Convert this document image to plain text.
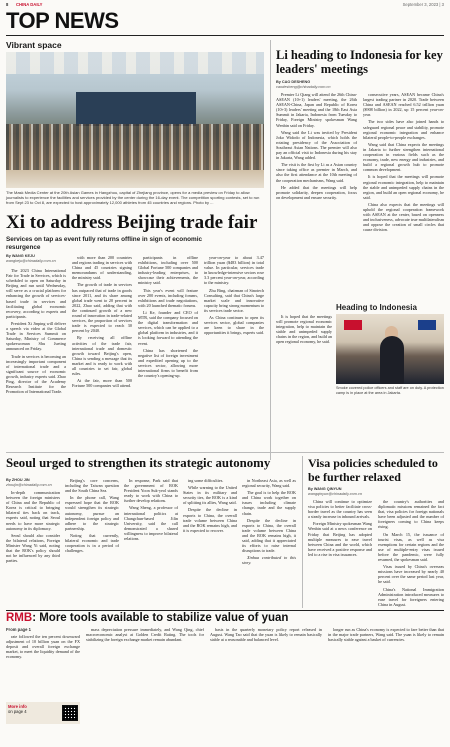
8 CHINA DAILY	September 3, 2023 | 3
TOP NEWS
Vibrant space
The Mask Media Center at the 20th Asian Games in Hangzhou, capital of Zhejiang province, opens for a media preview on Friday to allow journalists to experience the facilities and services provided by the center during the 16-day event. The competition sporting contests, set to run from Sept 23 to Oct 8, are expected to host approximately 12,000 athletes from 45 countries and regions. Photo by ...
Xi to address Beijing trade fair
Services on tap as event fully returns offline in sign of economic resurgence
By WANG KEJU
wangkeju@chinadaily.com.cn

The 2023 China International Fair for Trade in Services, which is scheduled to open on Saturday in Beijing and run until Wednesday, will serve as a crucial platform for enhancing the growth of services-based trade in services and facilitating global economic recovery, according to experts and participants.

President Xi Jinping will deliver a speech via video at the Global Trade in Services Summit on Saturday, Ministry of Commerce spokeswoman Shu Jueting announced on Friday.

Trade in services is becoming an increasingly important component of international trade and a significant source of economic growth, industry experts said. Zhao Ping, director of the Academy Research Institute for the Promotion of International Trade.

with more than 200 countries and regions trading in services with China and 45 countries signing memorandums of understanding, the ministry said.

The growth of trade in services has outpaced that of trade in goods since 2011, and its share among global trade went to 20 percent in 2022, Zhao said, adding that with the continued growth of a new round of innovation in trade-related services, the proportion of services trade is expected to reach 30 percent by 2040.

By receiving all offline activities of the trade fair, international trade and domestic growth toward Beijing's open, China is sending a message that its market and is ready to work with all countries to set fair, global rules.

At the fair, more than 500 Fortune 500 companies will attend.

participants in offline exhibitions, including over 500 Global Fortune 500 companies and industry-leading enterprises, to showcase their achievements, the ministry said.

This year's event will feature over 200 events, including forums, exhibitions and trade negotiations, with 20 launched thematic forums.

Li Ke, founder and CEO of MTR, said the company focused on the digital transformation and services, which can be applied to a global platform in industries, and it is looking forward to attending the event.

China has shortened the negative list of foreign investment and expedited opening up to the services sector, allowing more international firms to benefit from the country's opening-up.

year-on-year to about 3.47 trillion yuan ($483 billion) in total value. In particular, services trade in knowledge-intensive sectors rose 3.3 percent year-on-year, according to the ministry.

Zhu Bing, chairman of Sinotech Consulting, said that China's large market scale and innovative capacity bring strong momentum to its services trade sector.

As China continues to open its services sector, global companies are keen to share in the opportunities it brings, experts said.

Li heading to Indonesia for key leaders' meetings
By CAO DESHENG
caodesheng@chinadaily.com.cn

Premier Li Qiang will attend the 26th China-ASEAN (10+1) leaders' meeting, the 26th ASEAN-China, Japan and Republic of Korea (10+3) leaders' meeting and the 18th East Asia Summit in Jakarta, Indonesia from Tuesday to Friday, Foreign Ministry spokesman Wang Wenbin said on Friday.

Wang said the Li was invited by President Joko Widodo of Indonesia, which holds the rotating presidency of the Association of Southeast Asian Nations. The premier will also pay an official visit to Indonesia during his stay in Jakarta, Wang added.

The visit is the first by Li as a Asian country since taking office as premier in March, and also the first attendance at the 10th meeting of the cooperation mechanisms, Wang said.

He added that the meetings will help promote solidarity, deepen cooperation, focus on development and ensure security.

consecutive years, ASEAN became China's largest trading partner in 2020. Trade between China and ASEAN reached 6.52 trillion yuan ($908 billion) in 2022, up 15 percent year-on-year.

The two sides have also joined hands to safeguard regional peace and stability, promote regional economic integration and enhance bilateral people-to-people exchanges.

Wang said that China expects the meetings in Jakarta to further strengthen international cooperation in various fields such as the economy, trade, new energy and industries, and build a regional growth hub to promote common development.

It is hoped that the meetings will promote regional economic integration, help to maintain the stable and unimpeded supply chains in the region, and build an open regional economy, he said.

China also expects that the meetings will uphold the regional cooperation framework with ASEAN at the center, based on openness and inclusiveness, advocate true multilateralism and oppose the creation of small circles that cause division.

It is hoped that the meetings will promote regional economic integration, help to maintain the stable and unimpeded supply chains in the region, and build an open regional economy, he said.

Heading to Indonesia
Smoke covered police officers and staff are on duty. A protection camp is in place at the area in Jakarta.
Seoul urged to strengthen its strategic autonomy
By ZHOU JIN
zhoujin@chinadaily.com.cn

In-depth communication between the foreign ministers of China and the Republic of Korea is critical to bringing bilateral ties back on track, experts said, noting that Seoul needs to have more strategic autonomy in its diplomacy.

Seoul should also consider the bilateral relations, Foreign Minister Wang Yi said, noting that the ROK's policy should not be influenced by any third parties.

Beijing's core concerns, including the Taiwan question and the South China Sea.

In the phone call, Wang expressed hope that the ROK would strengthen its strategic autonomy, pursue an independent foreign policy and adhere to the strategic partnership.

Noting that currently, bilateral economic and trade cooperation is in a period of challenges.

In response, Park said that the government of ROK President Yoon Suk-yeol stands ready to work with China to further develop relations.

Wang Sheng, a professor of international politics at Changchun-based Jilin University, said the call demonstrated a shared willingness to improve bilateral relations.

ing some difficulties.

While warning to the United States in its military and security ties, the ROK is a kind of splitting its allies, Wang said.

Despite the decline in exports to China, the overall trade volume between China and the ROK remains high, and it is expected to recover.

in Northeast Asia, as well as regional security, Wang said.

The goal is to help the ROK and China work together on issues including climate change, trade and the supply chain.

Despite the decline in exports to China, the overall trade volume between China and the ROK remains high, it said, adding that it appreciated its efforts to raise internal disruptions to trade.

Xinhua contributed to this story.

Visa policies scheduled to be further relaxed
By WANG QINYUN
wangqinyun@chinadaily.com.cn

China will continue to optimize visa policies to better facilitate cross-border travel as the country has seen a steady increase in inbound arrivals.

Foreign Ministry spokesman Wang Wenbin said at a news conference on Friday that Beijing has adopted multiple measures to ease travel between China and the world, which have received a positive response and led to a rise in visa issuances.

the country's authorities and diplomatic missions remained the fact that, visa policies for foreign nationals have been adjusted and the number of foreigners coming to China keeps rising.

On March 15, the issuance of tourist visas, as well as visa exemptions for certain regions and the use of multiple-entry visas issued before the pandemic, were fully resumed, the spokesman said.

Visas issued by China's overseas missions have increased by nearly 40 percent over the same period last year, he said.

China's National Immigration Administration introduced measures to ease travel for foreigners entering China in August.

RMB: More tools available to stabilize value of yuan
From page 1

rate followed the ten percent downward adjustment of 10 billion yuan on the FX deposit and overall foreign exchange market, to meet the liquidity demand of the economy.

More info
on page 4

mass depreciation pressure immediately, and Wang Qing, chief macroeconomic analyst at Golden Credit Rating. The tools for stabilizing the foreign exchange market remain abundant.

basis in the quarterly monetary policy report released in August. Wang Tao said that the yuan is likely to remain basically stable at a reasonable and balanced level.

longer run as China's economy is expected to fare better than that in the major trade partners, Wang said. The yuan is likely to remain basically stable against a basket of currencies.
